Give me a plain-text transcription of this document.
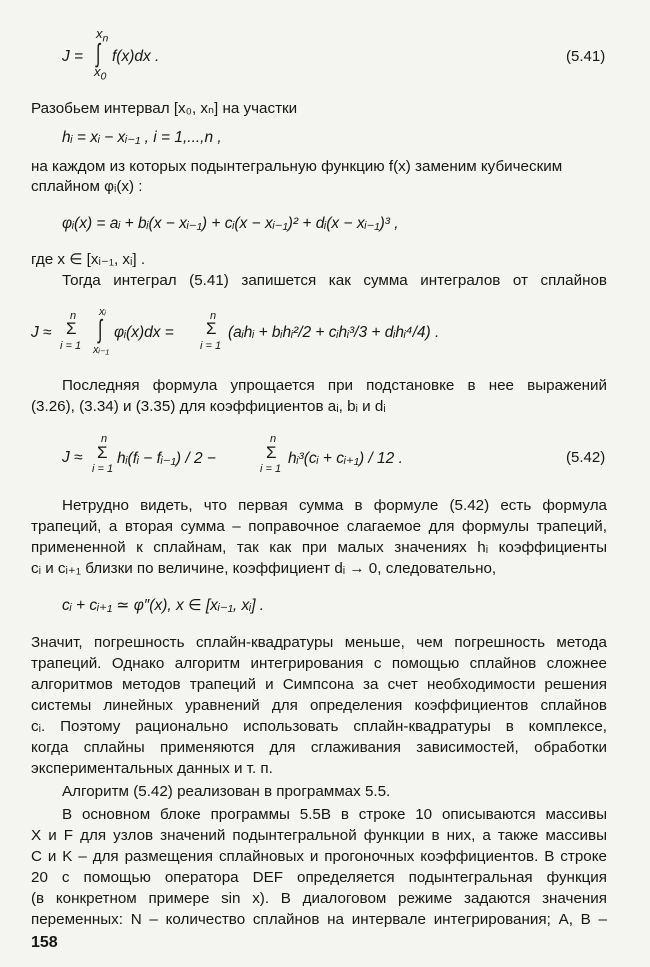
J =
$x_n$
∫
$x_0$
f(x)dx .	(5.41)
Разобьем интервал [x₀, xₙ] на участки
hᵢ = xᵢ − xᵢ₋₁ , i = 1,...,n ,
на каждом из которых подынтегральную функцию f(x) заменим кубическим
сплайном φᵢ(x) :
φᵢ(x) = aᵢ + bᵢ(x − xᵢ₋₁) + cᵢ(x − xᵢ₋₁)² + dᵢ(x − xᵢ₋₁)³ ,
где x ∈ [xᵢ₋₁, xᵢ] .
Тогда интеграл (5.41) запишется как сумма интегралов от сплайнов
J ≈
n
Σ
i = 1
xᵢ
∫
xᵢ₋₁
φᵢ(x)dx =
n
Σ
i = 1
(aᵢhᵢ + bᵢhᵢ²/2 + cᵢhᵢ³/3 + dᵢhᵢ⁴/4) .
Последняя формула упрощается при подстановке в нее выражений
(3.26), (3.34) и (3.35) для коэффициентов aᵢ, bᵢ и dᵢ
J ≈
n
Σ
i = 1
hᵢ(fᵢ − fᵢ₋₁) / 2 −
n
Σ
i = 1
hᵢ³(cᵢ + cᵢ₊₁) / 12 .	(5.42)
Нетрудно видеть, что первая сумма в формуле (5.42) есть формула
трапеций, а вторая сумма – поправочное слагаемое для формулы трапеций,
примененной к сплайнам, так как при малых значениях hᵢ коэффициенты
cᵢ и cᵢ₊₁ близки по величине, коэффициент dᵢ → 0, следовательно,
cᵢ + cᵢ₊₁ ≃ φ″(x), x ∈ [xᵢ₋₁, xᵢ] .
Значит, погрешность сплайн-квадратуры меньше, чем погрешность метода
трапеций. Однако алгоритм интегрирования с помощью сплайнов сложнее
алгоритмов методов трапеций и Симпсона за счет необходимости решения
системы линейных уравнений для определения коэффициентов сплайнов
cᵢ. Поэтому рационально использовать сплайн-квадратуры в комплексе,
когда сплайны применяются для сглаживания зависимостей, обработки
экспериментальных данных и т. п.
Алгоритм (5.42) реализован в программах 5.5.
В основном блоке программы 5.5В в строке 10 описываются массивы
X и F для узлов значений подынтегральной функции в них, а также массивы
C и K – для размещения сплайновых и прогоночных коэффициентов. В строке
20 с помощью оператора DEF определяется подынтегральная функция
(в конкретном примере sin x). В диалоговом режиме задаются значения
переменных: N – количество сплайнов на интервале интегрирования; A, B –
158
